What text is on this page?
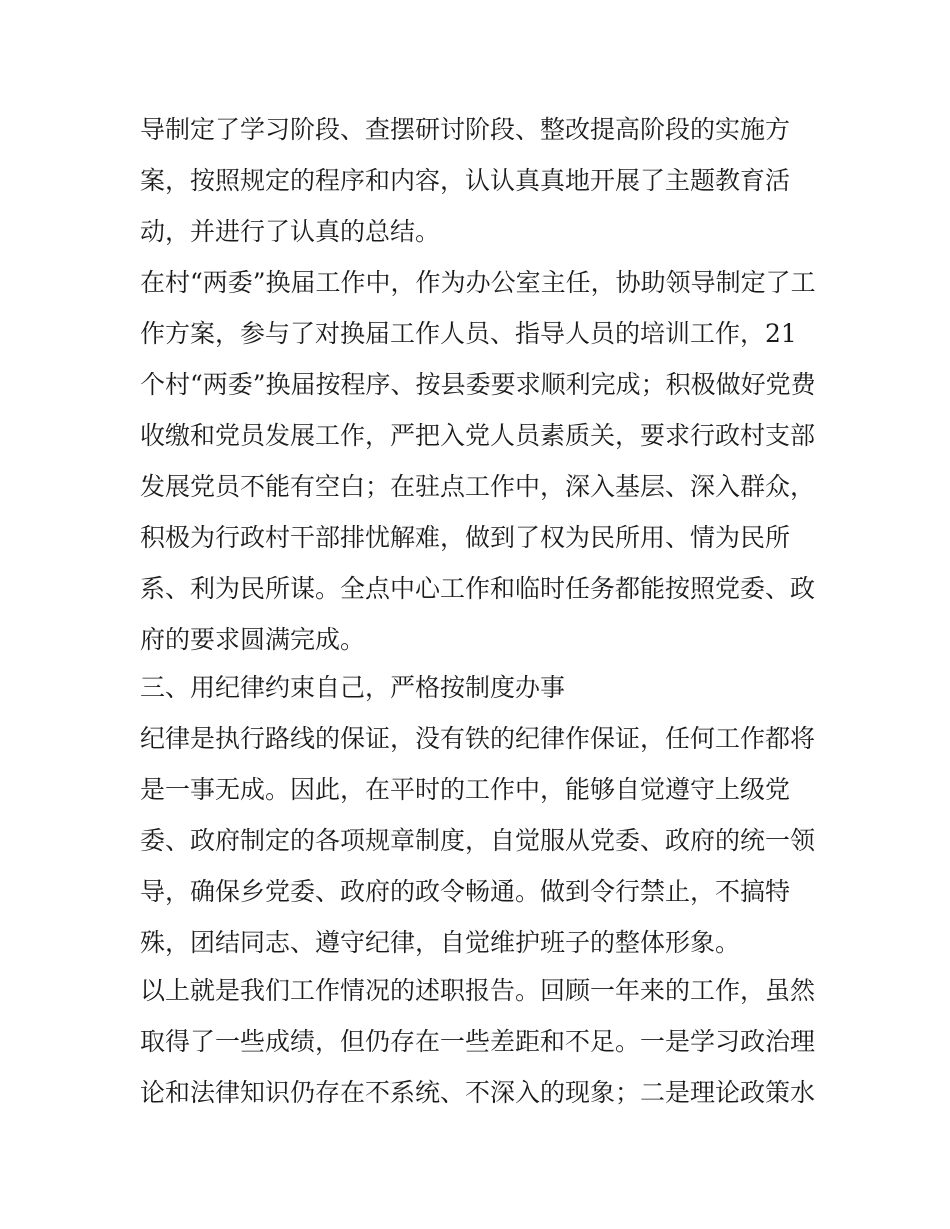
导制定了学习阶段、查摆研讨阶段、整改提高阶段的实施方

案，按照规定的程序和内容，认认真真地开展了主题教育活

动，并进行了认真的总结。

在村“两委”换届工作中，作为办公室主任，协助领导制定了工

作方案，参与了对换届工作人员、指导人员的培训工作，21

个村“两委”换届按程序、按县委要求顺利完成；积极做好党费

收缴和党员发展工作，严把入党人员素质关，要求行政村支部

发展党员不能有空白；在驻点工作中，深入基层、深入群众，

积极为行政村干部排忧解难，做到了权为民所用、情为民所

系、利为民所谋。全点中心工作和临时任务都能按照党委、政

府的要求圆满完成。

三、用纪律约束自己，严格按制度办事

纪律是执行路线的保证，没有铁的纪律作保证，任何工作都将

是一事无成。因此，在平时的工作中，能够自觉遵守上级党

委、政府制定的各项规章制度，自觉服从党委、政府的统一领

导，确保乡党委、政府的政令畅通。做到令行禁止，不搞特

殊，团结同志、遵守纪律，自觉维护班子的整体形象。

以上就是我们工作情况的述职报告。回顾一年来的工作，虽然

取得了一些成绩，但仍存在一些差距和不足。一是学习政治理

论和法律知识仍存在不系统、不深入的现象；二是理论政策水
